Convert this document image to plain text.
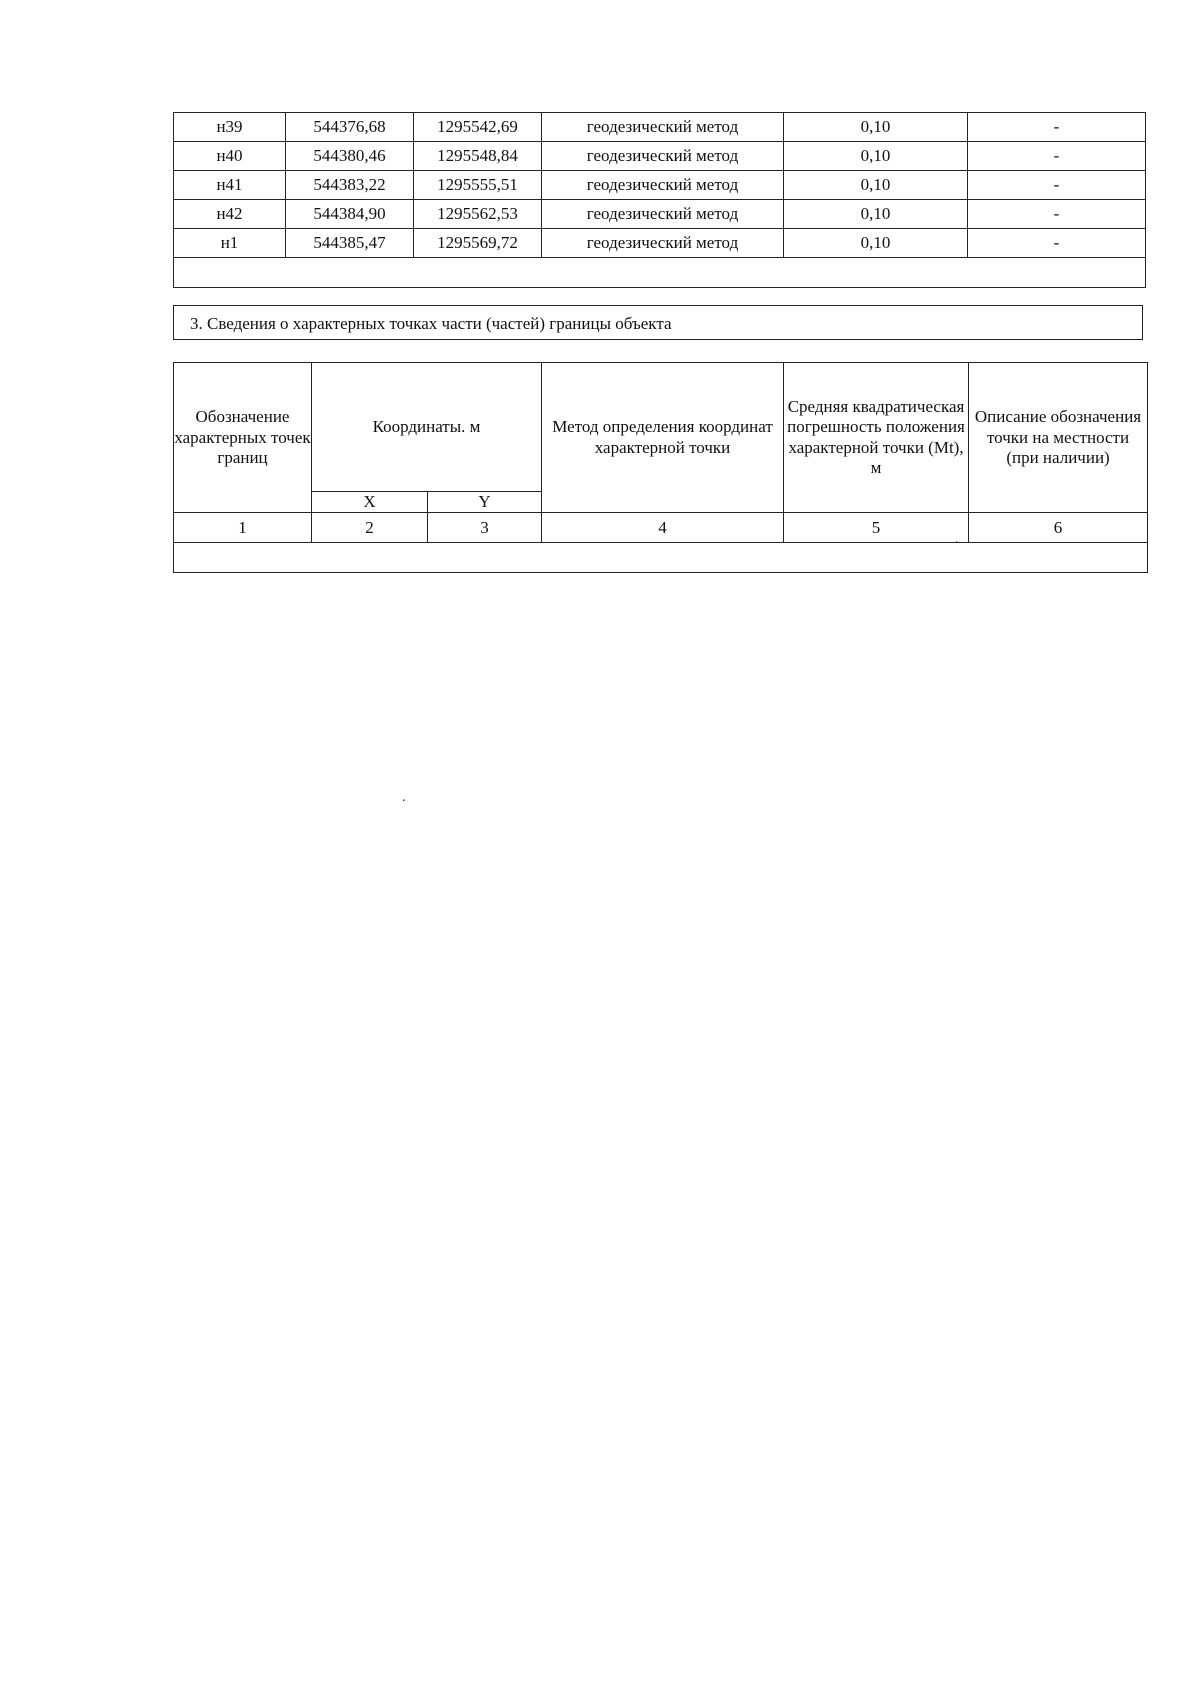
н39	544376,68	1295542,69	геодезический метод	0,10	-
н40	544380,46	1295548,84	геодезический метод	0,10	-
н41	544383,22	1295555,51	геодезический метод	0,10	-
н42	544384,90	1295562,53	геодезический метод	0,10	-
н1	544385,47	1295569,72	геодезический метод	0,10	-

3. Сведения о характерных точках части (частей) границы объекта
Обозначение характерных точек границ	Координаты. м		Метод определения координат характерной точки	Средняя квадратическая погрешность положения характерной точки (Mt), м	Описание обозначения точки на местности (при наличии)
	X	Y			
1	2	3	4	5	6

.
.
